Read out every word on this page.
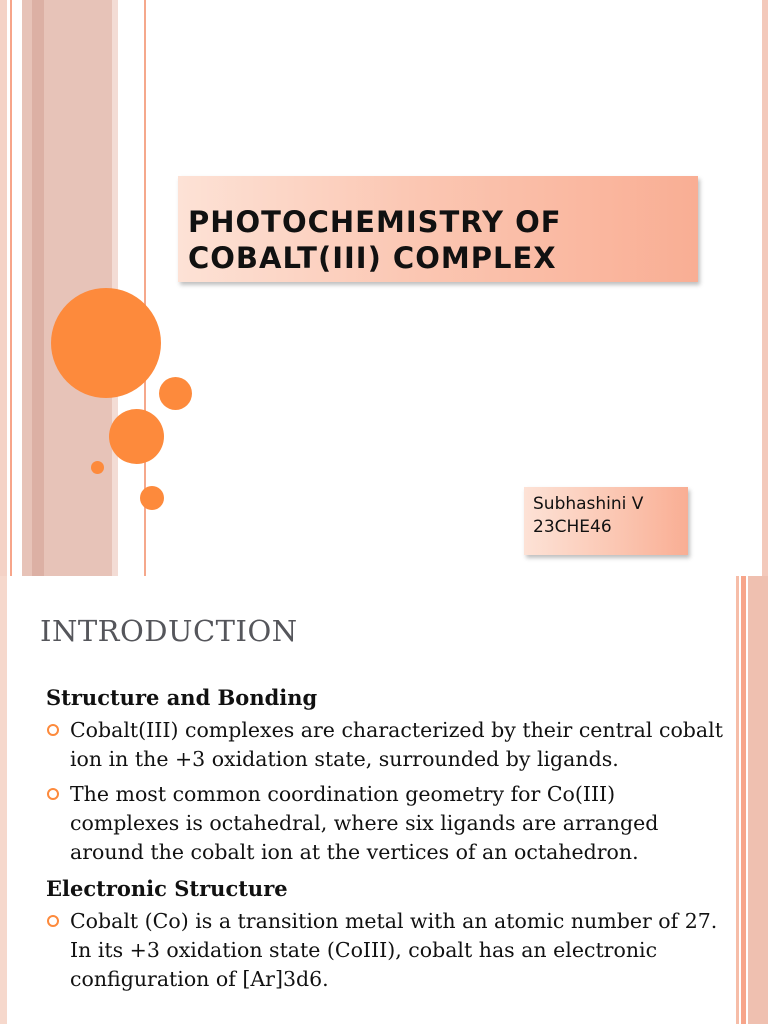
PHOTOCHEMISTRY OF
COBALT(III) COMPLEX
Subhashini V
23CHE46
INTRODUCTION
Structure and Bonding
Cobalt(III) complexes are characterized by their central cobalt ion in the +3 oxidation state, surrounded by ligands.
The most common coordination geometry for Co(III) complexes is octahedral, where six ligands are arranged around the cobalt ion at the vertices of an octahedron.
Electronic Structure
Cobalt (Co) is a transition metal with an atomic number of 27. In its +3 oxidation state (CoIII), cobalt has an electronic configuration of [Ar]3d6.
